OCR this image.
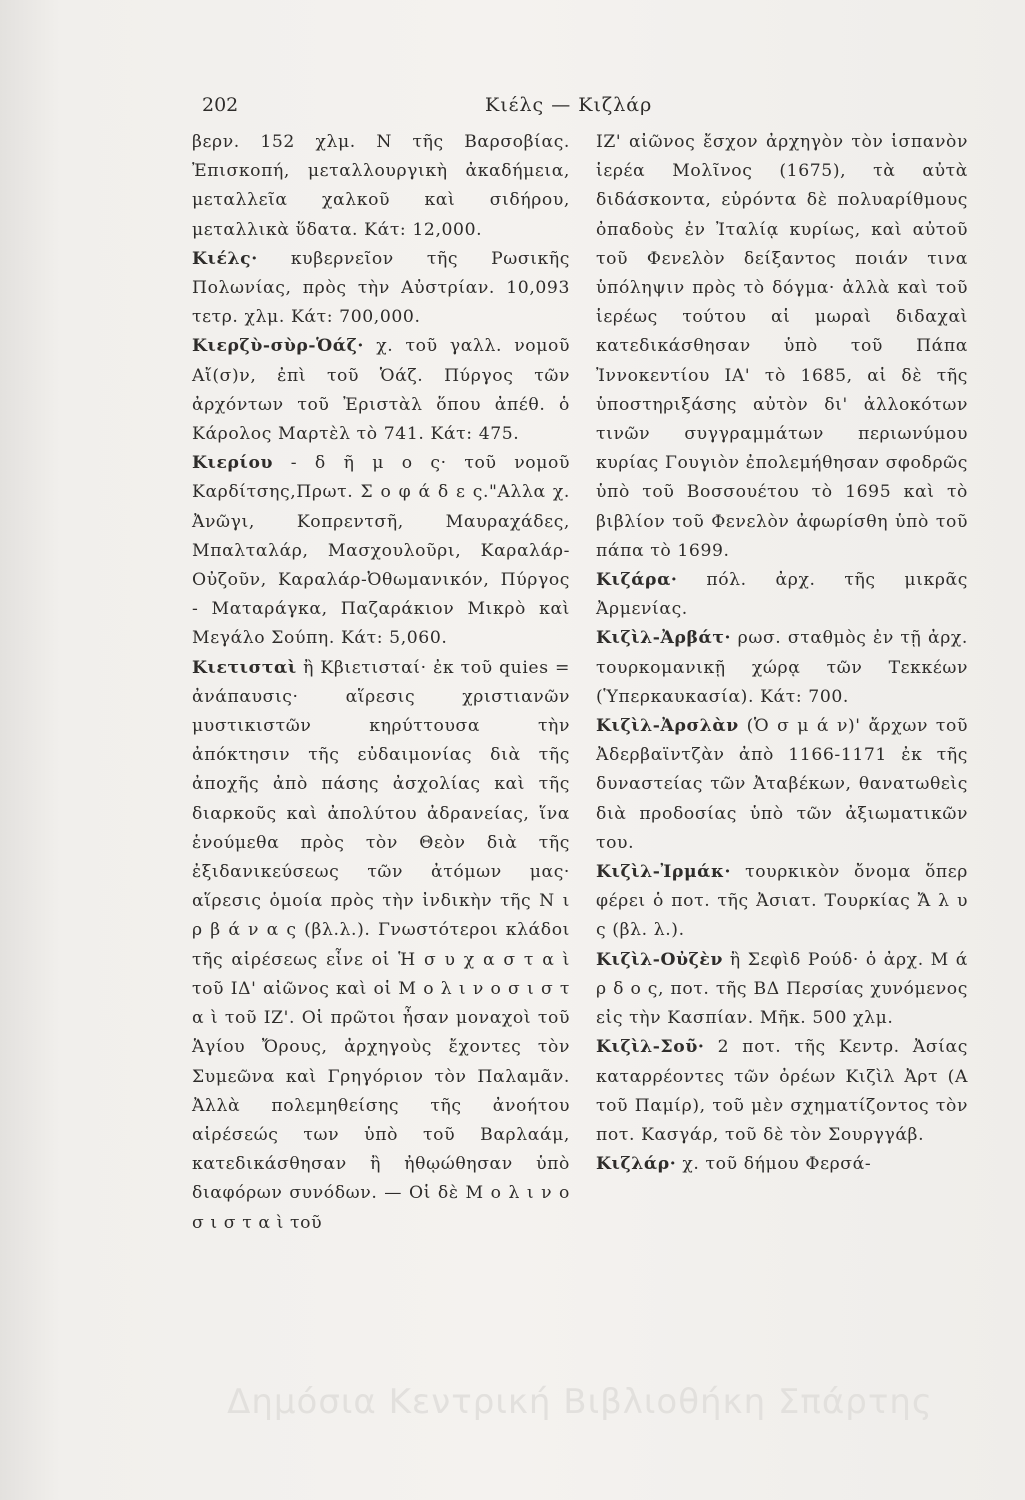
202	Κιέλς — Κιζλάρ

βερν. 152 χλμ. Ν τῆς Βαρσοβίας. Ἐπισκοπή, μεταλλουργικὴ ἀκαδήμεια, μεταλλεῖα χαλκοῦ καὶ σιδήρου, μεταλλικὰ ὕδατα. Κάτ: 12,000.

Κιέλς· κυβερνεῖον τῆς Ρωσικῆς Πολωνίας, πρὸς τὴν Αὐστρίαν. 10,093 τετρ. χλμ. Κάτ: 700,000.

Κιερζὺ-σὺρ-Ὁάζ· χ. τοῦ γαλλ. νομοῦ Αἴ(σ)ν, ἐπὶ τοῦ Ὁάζ. Πύργος τῶν ἀρχόντων τοῦ Ἐριστὰλ ὅπου ἀπέθ. ὁ Κάρολος Μαρτὲλ τὸ 741. Κάτ: 475.

Κιερίου - δ ῆ μ ο ς· τοῦ νομοῦ Καρδίτσης,Πρωτ. Σ ο φ ά δ ε ς."Αλλα χ. Ἀνῶγι, Κοπρεντσῆ, Μαυραχάδες, Μπαλταλάρ, Μασχουλοῦρι, Καραλάρ-Οὐζοῦν, Καραλάρ-Ὀθωμανικόν, Πύργος - Ματαράγκα, Παζαράκιον Μικρὸ καὶ Μεγάλο Σούπη. Κάτ: 5,060.

Κιετισταὶ ἢ Κβιετισταί· ἐκ τοῦ quies = ἀνάπαυσις· αἵρεσις χριστιανῶν μυστικιστῶν κηρύττουσα τὴν ἀπόκτησιν τῆς εὐδαιμονίας διὰ τῆς ἀποχῆς ἀπὸ πάσης ἀσχολίας καὶ τῆς διαρκοῦς καὶ ἀπολύτου ἀδρανείας, ἵνα ἑνούμεθα πρὸς τὸν Θεὸν διὰ τῆς ἐξιδανικεύσεως τῶν ἀτόμων μας· αἵρεσις ὁμοία πρὸς τὴν ἰνδικὴν τῆς Ν ι ρ β ά ν α ς (βλ.λ.). Γνωστότεροι κλάδοι τῆς αἱρέσεως εἶνε οἱ Ἡ σ υ χ α σ τ α ὶ τοῦ ΙΔ' αἰῶνος καὶ οἱ Μ ο λ ι ν ο σ ι σ τ α ὶ τοῦ ΙΖ'. Οἱ πρῶτοι ἦσαν μοναχοὶ τοῦ Ἁγίου Ὄρους, ἀρχηγοὺς ἔχοντες τὸν Συμεῶνα καὶ Γρηγόριον τὸν Παλαμᾶν. Ἀλλὰ πολεμηθείσης τῆς ἀνοήτου αἱρέσεώς των ὑπὸ τοῦ Βαρλαάμ, κατεδικάσθησαν ἢ ἠθῳώθησαν ὑπὸ διαφόρων συνόδων. — Οἱ δὲ Μ ο λ ι ν ο σ ι σ τ α ὶ τοῦ

ΙΖ' αἰῶνος ἔσχον ἀρχηγὸν τὸν ἱσπανὸν ἱερέα Μολῖνος (1675), τὰ αὐτὰ διδάσκοντα, εὑρόντα δὲ πολυαρίθμους ὀπαδοὺς ἐν Ἰταλίᾳ κυρίως, καὶ αὐτοῦ τοῦ Φενελὸν δείξαντος ποιάν τινα ὑπόληψιν πρὸς τὸ δόγμα· ἀλλὰ καὶ τοῦ ἱερέως τούτου αἱ μωραὶ διδαχαὶ κατεδικάσθησαν ὑπὸ τοῦ Πάπα Ἰννοκεντίου ΙΑ' τὸ 1685, αἱ δὲ τῆς ὑποστηριξάσης αὐτὸν δι' ἀλλοκότων τινῶν συγγραμμάτων περιωνύμου κυρίας Γουγιὸν ἐπολεμήθησαν σφοδρῶς ὑπὸ τοῦ Βοσσουέτου τὸ 1695 καὶ τὸ βιβλίον τοῦ Φενελὸν ἀφωρίσθη ὑπὸ τοῦ πάπα τὸ 1699.

Κιζάρα· πόλ. ἀρχ. τῆς μικρᾶς Ἀρμενίας.

Κιζὶλ-Ἀρβάτ· ρωσ. σταθμὸς ἐν τῇ ἀρχ. τουρκομανικῇ χώρᾳ τῶν Τεκκέων (Ὑπερκαυκασία). Κάτ: 700.

Κιζὶλ-Ἀρσλὰν (Ὁ σ μ ά ν)' ἄρχων τοῦ Ἀδερβαϊντζὰν ἀπὸ 1166-1171 ἐκ τῆς δυναστείας τῶν Ἀταβέκων, θανατωθεὶς διὰ προδοσίας ὑπὸ τῶν ἀξιωματικῶν του.

Κιζὶλ-Ἰρμάκ· τουρκικὸν ὄνομα ὅπερ φέρει ὁ ποτ. τῆς Ἀσιατ. Τουρκίας Ἄ λ υ ς (βλ. λ.).

Κιζὶλ-Οὐζὲν ἢ Σεφὶδ Ρούδ· ὁ ἀρχ. Μ ά ρ δ ο ς, ποτ. τῆς ΒΔ Περσίας χυνόμενος εἰς τὴν Κασπίαν. Μῆκ. 500 χλμ.

Κιζὶλ-Σοῦ· 2 ποτ. τῆς Κεντρ. Ἀσίας καταρρέοντες τῶν ὀρέων Κιζὶλ Ἀρτ (Α τοῦ Παμίρ), τοῦ μὲν σχηματίζοντος τὸν ποτ. Κασγάρ, τοῦ δὲ τὸν Σουργγάβ.

Κιζλάρ· χ. τοῦ δήμου Φερσά-

Δημόσια Κεντρική Βιβλιοθήκη Σπάρτης
